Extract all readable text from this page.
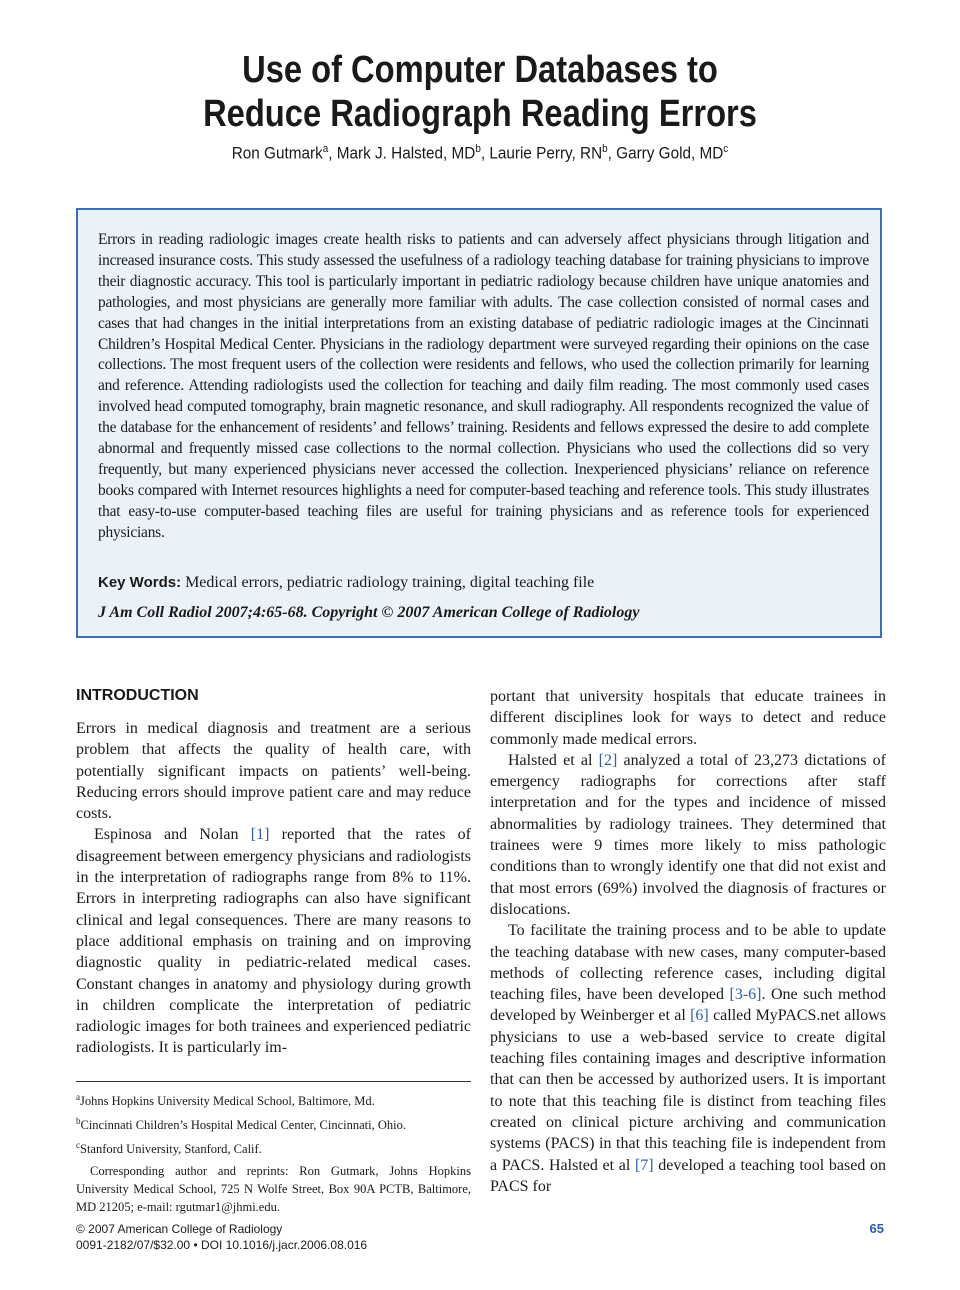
Use of Computer Databases to
Reduce Radiograph Reading Errors
Ron Gutmark$^a$, Mark J. Halsted, $MD^b$, Laurie Perry, $RN^b$, Garry Gold, $MD^c$
Errors in reading radiologic images create health risks to patients and can adversely affect physicians through litigation and increased insurance costs. This study assessed the usefulness of a radiology teaching database for training physicians to improve their diagnostic accuracy. This tool is particularly important in pediatric radiology because children have unique anatomies and pathologies, and most physicians are generally more familiar with adults. The case collection consisted of normal cases and cases that had changes in the initial interpretations from an existing database of pediatric radiologic images at the Cincinnati Children’s Hospital Medical Center. Physicians in the radiology department were surveyed regarding their opinions on the case collections. The most frequent users of the collection were residents and fellows, who used the collection primarily for learning and reference. Attending radiologists used the collection for teaching and daily film reading. The most commonly used cases involved head computed tomography, brain magnetic resonance, and skull radiography. All respondents recognized the value of the database for the enhancement of residents’ and fellows’ training. Residents and fellows expressed the desire to add complete abnormal and frequently missed case collections to the normal collection. Physicians who used the collections did so very frequently, but many experienced physicians never accessed the collection. Inexperienced physicians’ reliance on reference books compared with Internet resources highlights a need for computer-based teaching and reference tools. This study illustrates that easy-to-use computer-based teaching files are useful for training physicians and as reference tools for experienced physicians.
Key Words: Medical errors, pediatric radiology training, digital teaching file
J Am Coll Radiol 2007;4:65-68. Copyright © 2007 American College of Radiology
INTRODUCTION

Errors in medical diagnosis and treatment are a serious problem that affects the quality of health care, with potentially significant impacts on patients’ well-being. Reducing errors should improve patient care and may reduce costs.

Espinosa and Nolan [1] reported that the rates of disagreement between emergency physicians and radiologists in the interpretation of radiographs range from 8% to 11%. Errors in interpreting radiographs can also have significant clinical and legal consequences. There are many reasons to place additional emphasis on training and on improving diagnostic quality in pediatric-related medical cases. Constant changes in anatomy and physiology during growth in children complicate the interpretation of pediatric radiologic images for both trainees and experienced pediatric radiologists. It is particularly im-

portant that university hospitals that educate trainees in different disciplines look for ways to detect and reduce commonly made medical errors.

Halsted et al [2] analyzed a total of 23,273 dictations of emergency radiographs for corrections after staff interpretation and for the types and incidence of missed abnormalities by radiology trainees. They determined that trainees were 9 times more likely to miss pathologic conditions than to wrongly identify one that did not exist and that most errors (69%) involved the diagnosis of fractures or dislocations.

To facilitate the training process and to be able to update the teaching database with new cases, many computer-based methods of collecting reference cases, including digital teaching files, have been developed [3-6]. One such method developed by Weinberger et al [6] called MyPACS.net allows physicians to use a web-based service to create digital teaching files containing images and descriptive information that can then be accessed by authorized users. It is important to note that this teaching file is distinct from teaching files created on clinical picture archiving and communication systems (PACS) in that this teaching file is independent from a PACS. Halsted et al [7] developed a teaching tool based on PACS for

$^a$Johns Hopkins University Medical School, Baltimore, Md.

$^b$Cincinnati Children’s Hospital Medical Center, Cincinnati, Ohio.

$^c$Stanford University, Stanford, Calif.

Corresponding author and reprints: Ron Gutmark, Johns Hopkins University Medical School, 725 N Wolfe Street, Box 90A PCTB, Baltimore, MD 21205; e-mail: rgutmar1@jhmi.edu.

© 2007 American College of Radiology
0091-2182/07/$32.00 • DOI 10.1016/j.jacr.2006.08.016
65
